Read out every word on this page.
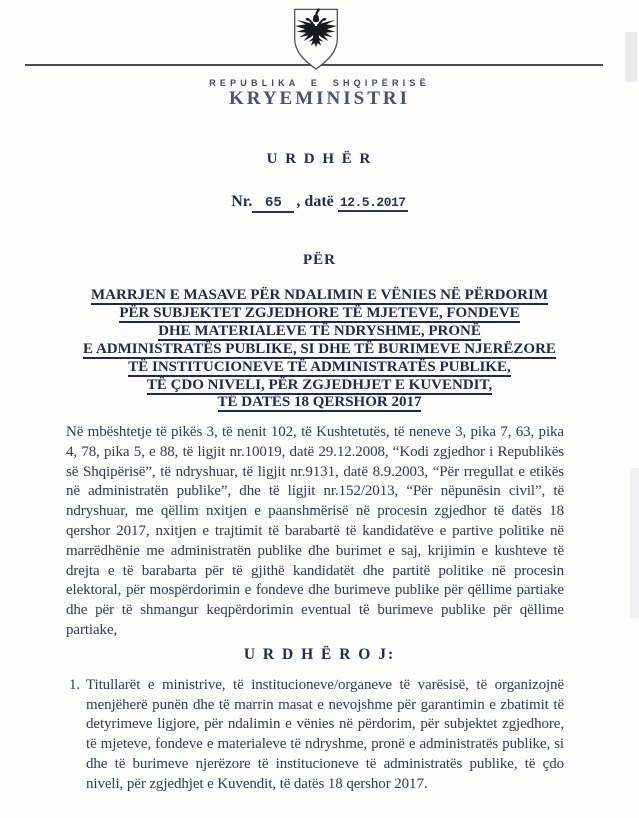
REPUBLIKA E SHQIPËRISË
KRYEMINISTRI
U R D H Ë R
Nr. 65 , datë 12.5.2017
PËR
MARRJEN E MASAVE PËR NDALIMIN E VËNIES NË PËRDORIM
PËR SUBJEKTET ZGJEDHORE TË MJETEVE, FONDEVE
DHE MATERIALEVE TË NDRYSHME, PRONË
E ADMINISTRATËS PUBLIKE, SI DHE TË BURIMEVE NJERËZORE
TË INSTITUCIONEVE TË ADMINISTRATËS PUBLIKE,
TË ÇDO NIVELI, PËR ZGJEDHJET E KUVENDIT,
TË DATËS 18 QERSHOR 2017

Në mbështetje të pikës 3, të nenit 102, të Kushtetutës, të neneve 3, pika 7, 63, pika 4, 78, pika 5, e 88, të ligjit nr.10019, datë 29.12.2008, “Kodi zgjedhor i Republikës së Shqipërisë”, të ndryshuar, të ligjit nr.9131, datë 8.9.2003, “Për rregullat e etikës në administratën publike”, dhe të ligjit nr.152/2013, “Për nëpunësin civil”, të ndryshuar, me qëllim nxitjen e paanshmërisë në procesin zgjedhor të datës 18 qershor 2017, nxitjen e trajtimit të barabartë të kandidatëve e partive politike në marrëdhënie me administratën publike dhe burimet e saj, krijimin e kushteve të drejta e të barabarta për të gjithë kandidatët dhe partitë politike në procesin elektoral, për mospërdorimin e fondeve dhe burimeve publike për qëllime partiake dhe për të shmangur keqpërdorimin eventual të burimeve publike për qëllime partiake,

U R D H Ë R O J:
1. Titullarët e ministrive, të institucioneve/organeve të varësisë, të organizojnë menjëherë punën dhe të marrin masat e nevojshme për garantimin e zbatimit të detyrimeve ligjore, për ndalimin e vënies në përdorim, për subjektet zgjedhore, të mjeteve, fondeve e materialeve të ndryshme, pronë e administratës publike, si dhe të burimeve njerëzore të institucioneve të administratës publike, të çdo niveli, për zgjedhjet e Kuvendit, të datës 18 qershor 2017.
